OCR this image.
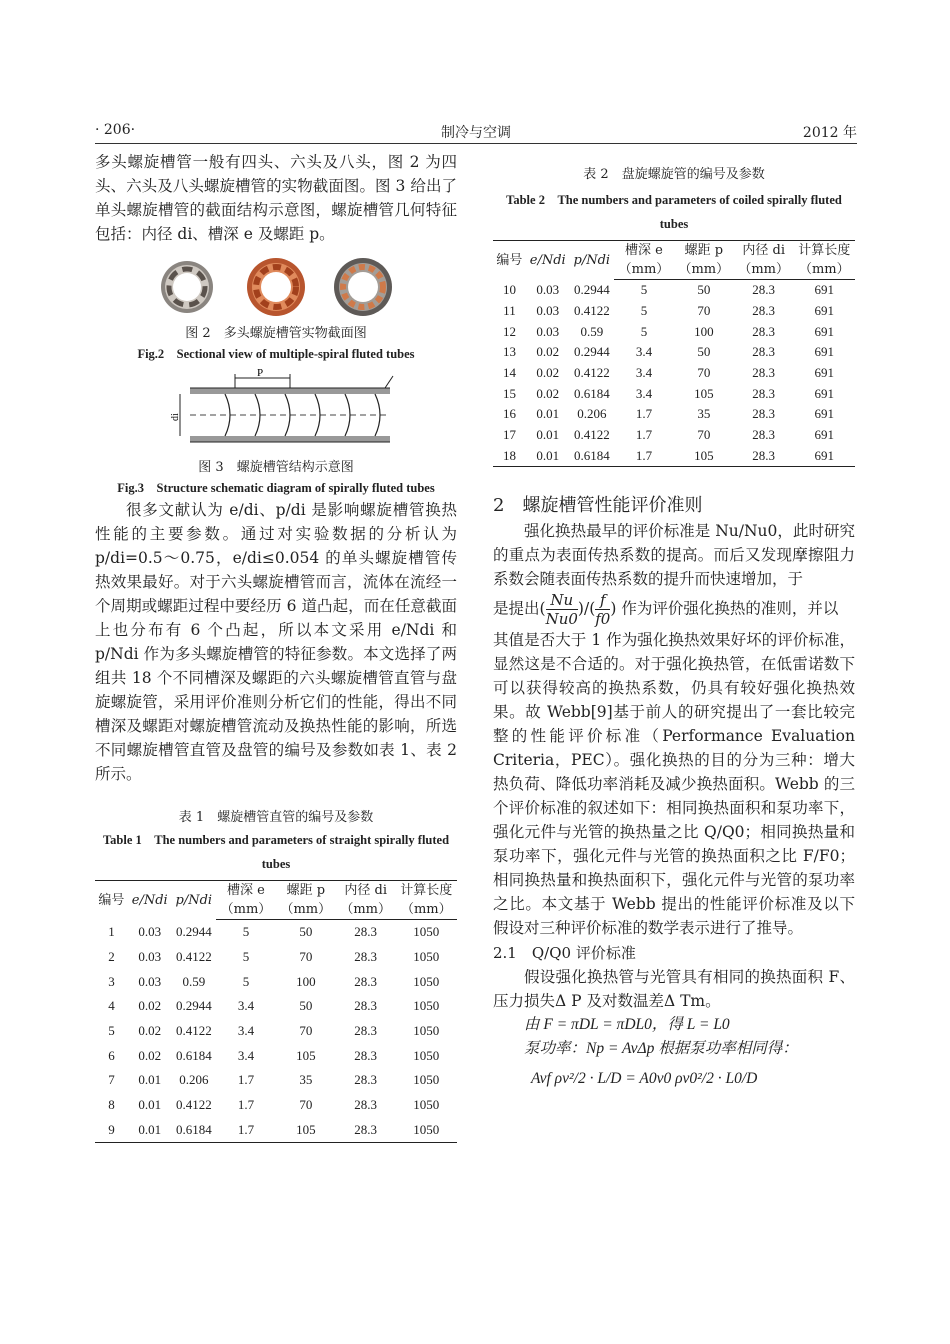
· 206·	制冷与空调	2012 年

多头螺旋槽管一般有四头、六头及八头，图 2 为四头、六头及八头螺旋槽管的实物截面图。图 3 给出了单头螺旋槽管的截面结构示意图，螺旋槽管几何特征包括：内径 di、槽深 e 及螺距 p。

图 2　多头螺旋槽管实物截面图

Fig.2　Sectional view of multiple-spiral fluted tubes

P
di

图 3　螺旋槽管结构示意图

Fig.3　Structure schematic diagram of spirally fluted tubes

很多文献认为 e/di、p/di 是影响螺旋槽管换热性能的主要参数。通过对实验数据的分析认为 p/di=0.5～0.75，e/di≤0.054 的单头螺旋槽管传热效果最好。对于六头螺旋槽管而言，流体在流经一个周期或螺距过程中要经历 6 道凸起，而在任意截面上也分布有 6 个凸起，所以本文采用 e/Ndi 和 p/Ndi 作为多头螺旋槽管的特征参数。本文选择了两组共 18 个不同槽深及螺距的六头螺旋槽管直管与盘旋螺旋管，采用评价准则分析它们的性能，得出不同槽深及螺距对螺旋槽管流动及换热性能的影响，所选不同螺旋槽管直管及盘管的编号及参数如表 1、表 2 所示。

表 1　螺旋槽管直管的编号及参数

Table 1　The numbers and parameters of straight spirally fluted tubes

编号	e/Ndi	p/Ndi	槽深 e	螺距 p	内径 di	计算长度
			（mm）	（mm）	（mm）	（mm）
1	0.03	0.2944	5	50	28.3	1050
2	0.03	0.4122	5	70	28.3	1050
3	0.03	0.59	5	100	28.3	1050
4	0.02	0.2944	3.4	50	28.3	1050
5	0.02	0.4122	3.4	70	28.3	1050
6	0.02	0.6184	3.4	105	28.3	1050
7	0.01	0.206	1.7	35	28.3	1050
8	0.01	0.4122	1.7	70	28.3	1050
9	0.01	0.6184	1.7	105	28.3	1050

表 2　盘旋螺旋管的编号及参数

Table 2　The numbers and parameters of coiled spirally fluted tubes

编号	e/Ndi	p/Ndi	槽深 e	螺距 p	内径 di	计算长度
			（mm）	（mm）	（mm）	（mm）
10	0.03	0.2944	5	50	28.3	691
11	0.03	0.4122	5	70	28.3	691
12	0.03	0.59	5	100	28.3	691
13	0.02	0.2944	3.4	50	28.3	691
14	0.02	0.4122	3.4	70	28.3	691
15	0.02	0.6184	3.4	105	28.3	691
16	0.01	0.206	1.7	35	28.3	691
17	0.01	0.4122	1.7	70	28.3	691
18	0.01	0.6184	1.7	105	28.3	691
2　螺旋槽管性能评价准则

强化换热最早的评价标准是 Nu/Nu0，此时研究的重点为表面传热系数的提高。而后又发现摩擦阻力系数会随表面传热系数的提升而快速增加，于

是提出( $\frac{Nu}{Nu0}$ )/( $\frac{f}{f0}$ ) 作为评价强化换热的准则，并以

其值是否大于 1 作为强化换热效果好坏的评价标准，显然这是不合适的。对于强化换热管，在低雷诺数下可以获得较高的换热系数，仍具有较好强化换热效果。故 Webb[9]基于前人的研究提出了一套比较完整的性能评价标准（Performance Evaluation Criteria，PEC）。强化换热的目的分为三种：增大热负荷、降低功率消耗及减少换热面积。Webb 的三个评价标准的叙述如下：相同换热面积和泵功率下，强化元件与光管的换热量之比 Q/Q0；相同换热量和泵功率下，强化元件与光管的换热面积之比 F/F0；相同换热量和换热面积下，强化元件与光管的泵功率之比。本文基于 Webb 提出的性能评价标准及以下假设对三种评价标准的数学表示进行了推导。

2.1　Q/Q0 评价标准

假设强化换热管与光管具有相同的换热面积 F、压力损失Δ P 及对数温差Δ Tm。

由 F = πDL = πDL0，得 L = L0

泵功率：Np = AvΔp 根据泵功率相同得：

Avf ρv²/2 · L/D = A0v0 ρv0²/2 · L0/D
